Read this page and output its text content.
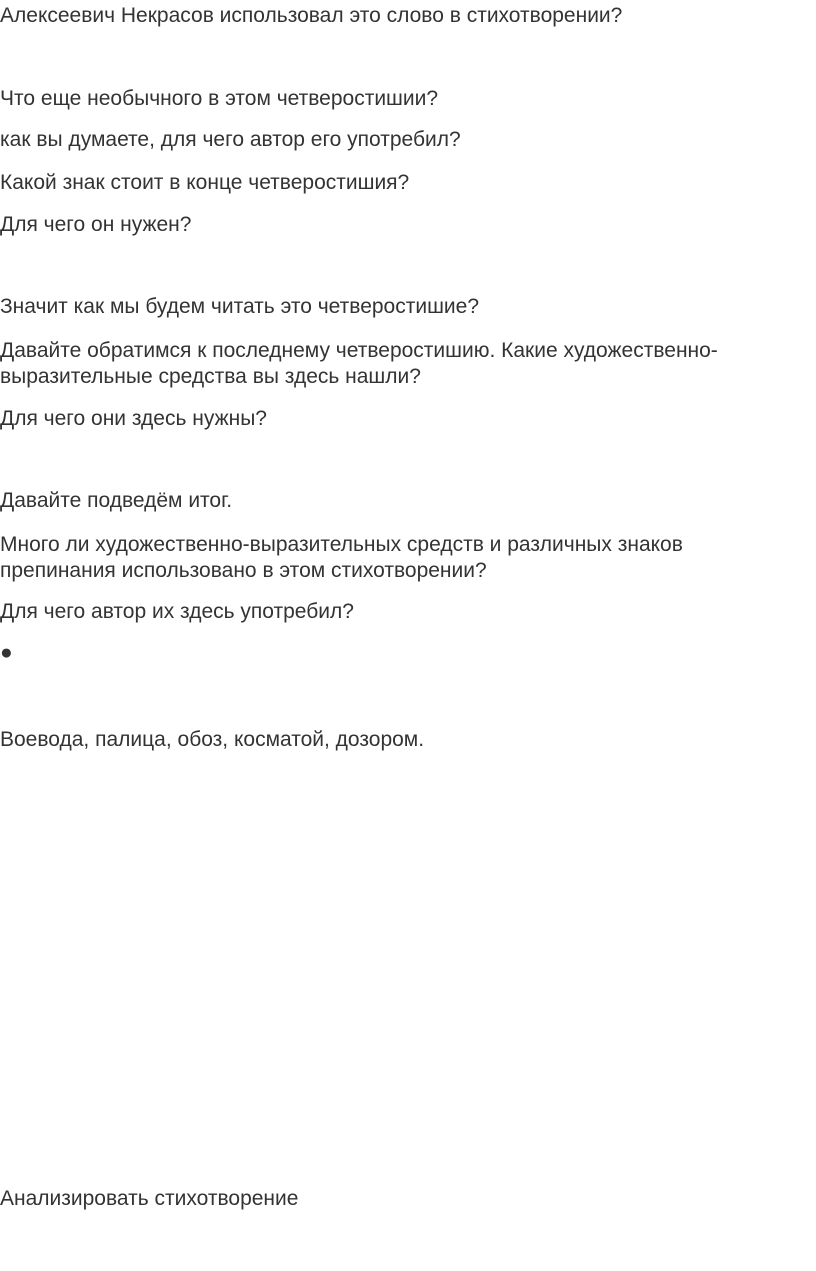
Алексеевич Некрасов использовал это слово в стихотворении?

Что еще необычного в этом четверостишии?

как вы думаете, для чего автор его употребил?

Какой знак стоит в конце четверостишия?

Для чего он нужен?

Значит как мы будем читать это четверостишие?

Давайте обратимся к последнему четверостишию. Какие художественно-выразительные средства вы здесь нашли?

Для чего они здесь нужны?

Давайте подведём итог.

Много ли художественно-выразительных средств и различных знаков препинания использовано в этом стихотворении?

Для чего автор их здесь употребил?

●

Воевода, палица, обоз, косматой, дозором.

Анализировать стихотворение
